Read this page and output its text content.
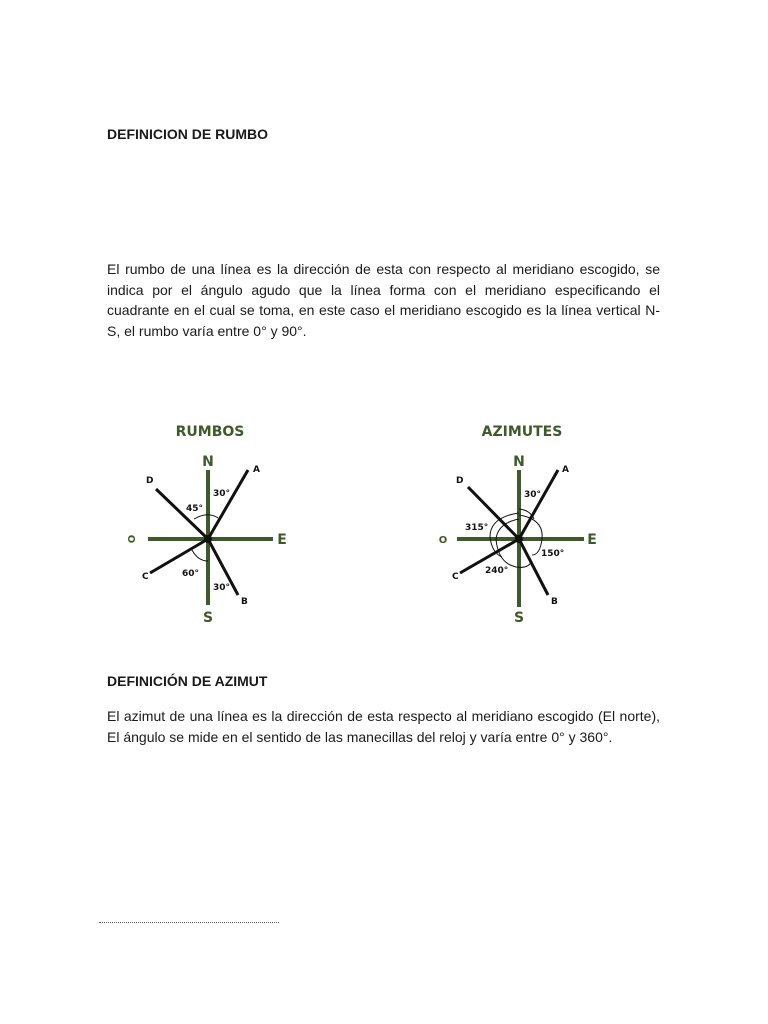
DEFINICION DE RUMBO

El rumbo de una línea es la dirección de esta con respecto al meridiano escogido, se indica por el ángulo agudo que la línea forma con el meridiano especificando el cuadrante en el cual se toma, en este caso el meridiano escogido es la línea vertical N-S, el rumbo varía entre 0° y 90°.

RUMBOS
N
S
E
O
A
D
C
B
30°
45°
60°
30°
AZIMUTES
N
S
E
O
A
D
C
B
30°
315°
150°
240°
DEFINICIÓN DE AZIMUT

El azimut de una línea es la dirección de esta respecto al meridiano escogido (El norte), El ángulo se mide en el sentido de las manecillas del reloj y varía entre 0° y 360°.
